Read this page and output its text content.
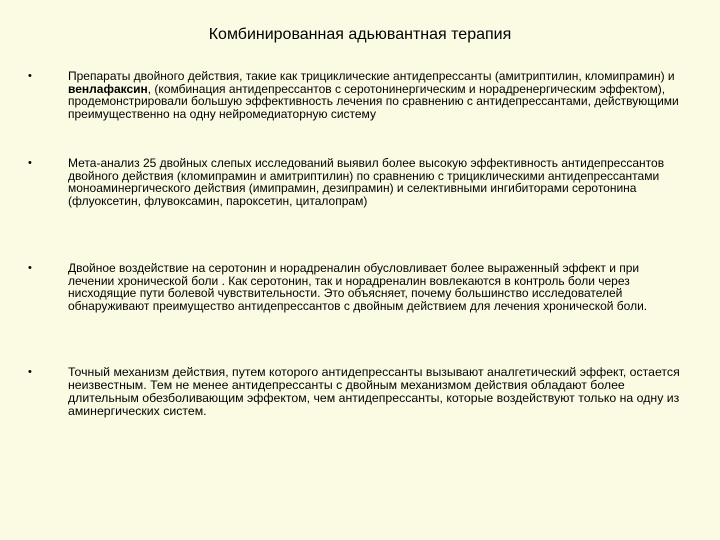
Комбинированная адьювантная терапия
•	Препараты двойного действия, такие как трициклические антидепрессанты (амитриптилин, кломипрамин) и венлафаксин, (комбинация антидепрессантов с серотонинергическим и норадренергическим эффектом), продемонстрировали большую эффективность лечения по сравнению с антидепрессантами, действующими преимущественно на одну нейромедиаторную систему
•	Мета-анализ 25 двойных слепых исследований выявил более высокую эффективность антидепрессантов двойного действия (кломипрамин и амитриптилин) по сравнению с трициклическими антидепрессантами моноаминергического действия (имипрамин, дезипрамин) и селективными ингибиторами серотонина (флуоксетин, флувоксамин, пароксетин, циталопрам)
•	Двойное воздействие на серотонин и норадреналин обусловливает более выраженный эффект и при лечении хронической боли . Как серотонин, так и норадреналин вовлекаются в контроль боли через нисходящие пути болевой чувствительности. Это объясняет, почему большинство исследователей обнаруживают преимущество антидепрессантов с двойным действием для лечения хронической боли.
•	Точный механизм действия, путем которого антидепрессанты вызывают аналгетический эффект, остается неизвестным. Тем не менее антидепрессанты с двойным механизмом действия обладают более длительным обезболивающим эффектом, чем антидепрессанты, которые воздействуют только на одну из аминергических систем.
